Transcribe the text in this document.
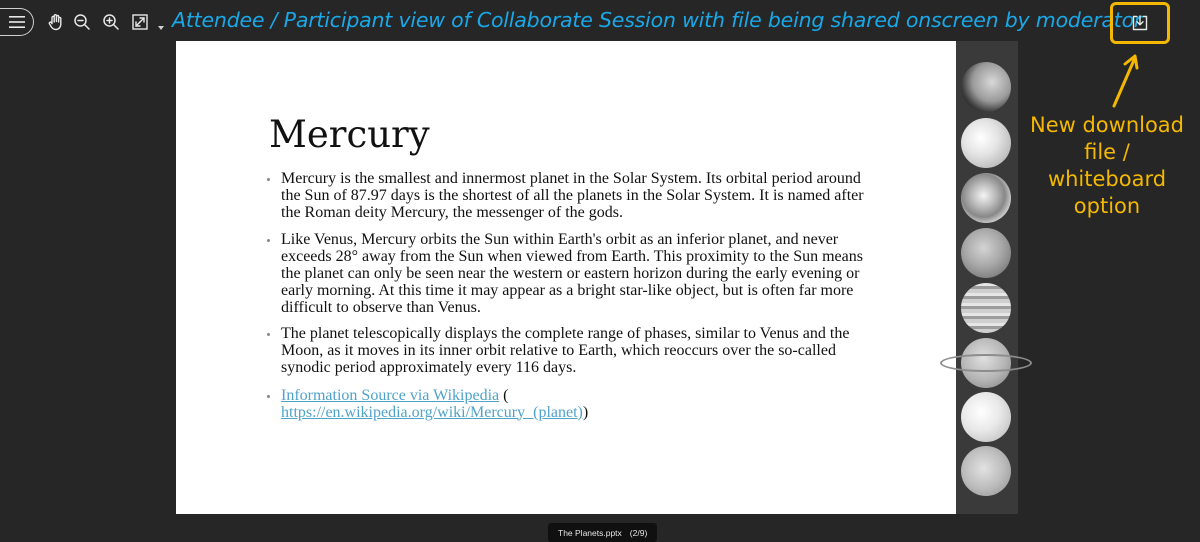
Attendee / Participant view of Collaborate Session with file being shared onscreen by moderator
New download file / whiteboard option
Mercury
Mercury is the smallest and innermost planet in the Solar System. Its orbital period around the Sun of 87.97 days is the shortest of all the planets in the Solar System. It is named after the Roman deity Mercury, the messenger of the gods.
Like Venus, Mercury orbits the Sun within Earth's orbit as an inferior planet, and never exceeds 28° away from the Sun when viewed from Earth. This proximity to the Sun means the planet can only be seen near the western or eastern horizon during the early evening or early morning. At this time it may appear as a bright star-like object, but is often far more difficult to observe than Venus.
The planet telescopically displays the complete range of phases, similar to Venus and the Moon, as it moves in its inner orbit relative to Earth, which reoccurs over the so-called synodic period approximately every 116 days.
Information Source via Wikipedia (
https://en.wikipedia.org/wiki/Mercury_(planet))
The Planets.pptx (2/9)
